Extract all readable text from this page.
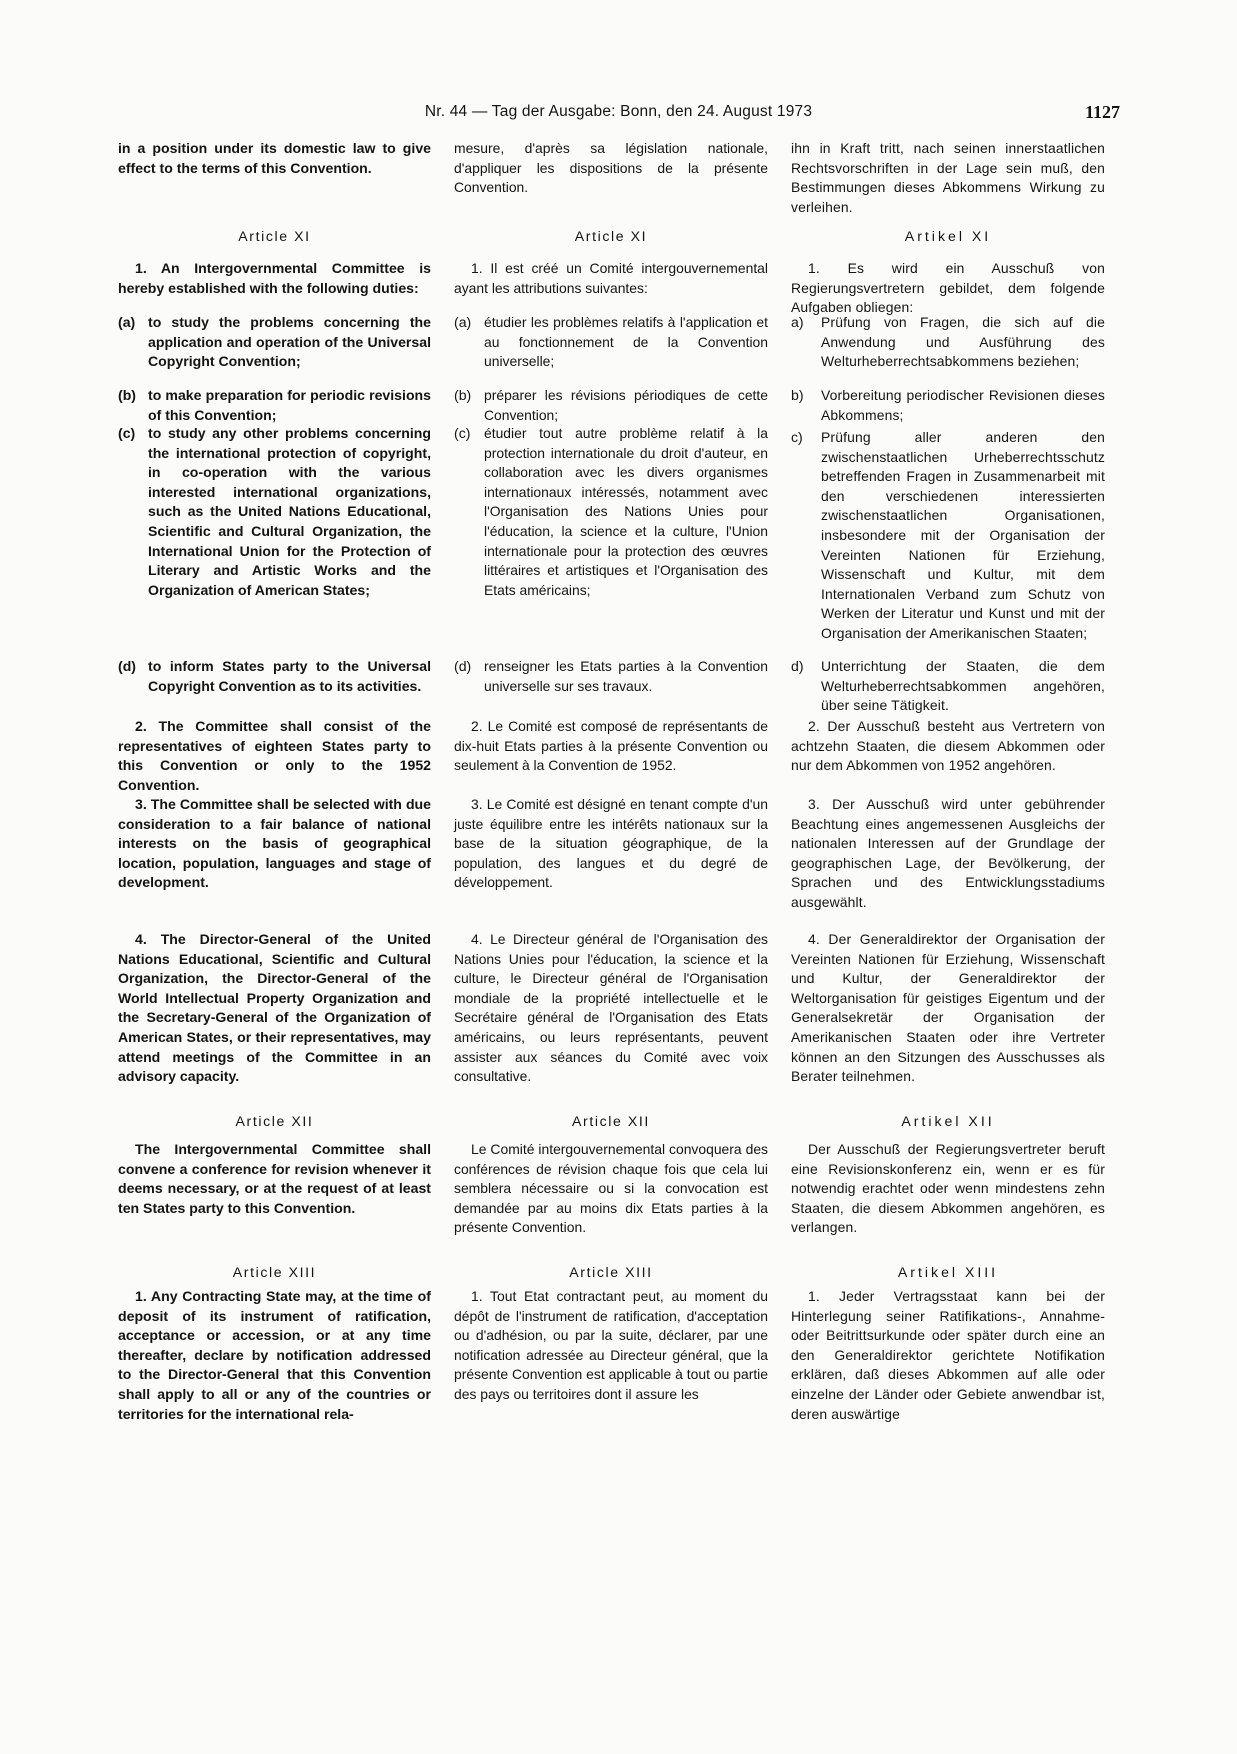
Nr. 44 — Tag der Ausgabe: Bonn, den 24. August 1973	1127
in a position under its domestic law to give effect to the terms of this Convention.
Article XI
1. An Intergovernmental Committee is hereby established with the following duties:
(a) to study the problems concerning the application and operation of the Universal Copyright Convention;
(b) to make preparation for periodic revisions of this Convention;
(c) to study any other problems concerning the international protection of copyright, in co-operation with the various interested international organizations, such as the United Nations Educational, Scientific and Cultural Organization, the International Union for the Protection of Literary and Artistic Works and the Organization of American States;
(d) to inform States party to the Universal Copyright Convention as to its activities.
2. The Committee shall consist of the representatives of eighteen States party to this Convention or only to the 1952 Convention.
3. The Committee shall be selected with due consideration to a fair balance of national interests on the basis of geographical location, population, languages and stage of development.
4. The Director-General of the United Nations Educational, Scientific and Cultural Organization, the Director-General of the World Intellectual Property Organization and the Secretary-General of the Organization of American States, or their representatives, may attend meetings of the Committee in an advisory capacity.
Article XII
The Intergovernmental Committee shall convene a conference for revision whenever it deems necessary, or at the request of at least ten States party to this Convention.
Article XIII
1. Any Contracting State may, at the time of deposit of its instrument of ratification, acceptance or accession, or at any time thereafter, declare by notification addressed to the Director-General that this Convention shall apply to all or any of the countries or territories for the international rela-
mesure, d'après sa législation nationale, d'appliquer les dispositions de la présente Convention.
Article XI
1. Il est créé un Comité intergouvernemental ayant les attributions suivantes:
(a) étudier les problèmes relatifs à l'application et au fonctionnement de la Convention universelle;
(b) préparer les révisions périodiques de cette Convention;
(c) étudier tout autre problème relatif à la protection internationale du droit d'auteur, en collaboration avec les divers organismes internationaux intéressés, notamment avec l'Organisation des Nations Unies pour l'éducation, la science et la culture, l'Union internationale pour la protection des œuvres littéraires et artistiques et l'Organisation des Etats américains;
(d) renseigner les Etats parties à la Convention universelle sur ses travaux.
2. Le Comité est composé de représentants de dix-huit Etats parties à la présente Convention ou seulement à la Convention de 1952.
3. Le Comité est désigné en tenant compte d'un juste équilibre entre les intérêts nationaux sur la base de la situation géographique, de la population, des langues et du degré de développement.
4. Le Directeur général de l'Organisation des Nations Unies pour l'éducation, la science et la culture, le Directeur général de l'Organisation mondiale de la propriété intellectuelle et le Secrétaire général de l'Organisation des Etats américains, ou leurs représentants, peuvent assister aux séances du Comité avec voix consultative.
Article XII
Le Comité intergouvernemental convoquera des conférences de révision chaque fois que cela lui semblera nécessaire ou si la convocation est demandée par au moins dix Etats parties à la présente Convention.
Article XIII
1. Tout Etat contractant peut, au moment du dépôt de l'instrument de ratification, d'acceptation ou d'adhésion, ou par la suite, déclarer, par une notification adressée au Directeur général, que la présente Convention est applicable à tout ou partie des pays ou territoires dont il assure les
ihn in Kraft tritt, nach seinen innerstaatlichen Rechtsvorschriften in der Lage sein muß, den Bestimmungen dieses Abkommens Wirkung zu verleihen.
Artikel XI
1. Es wird ein Ausschuß von Regierungsvertretern gebildet, dem folgende Aufgaben obliegen:
a)	Prüfung von Fragen, die sich auf die Anwendung und Ausführung des Welturheberrechtsabkommens beziehen;
b)	Vorbereitung periodischer Revisionen dieses Abkommens;
c)	Prüfung aller anderen den zwischenstaatlichen Urheberrechtsschutz betreffenden Fragen in Zusammenarbeit mit den verschiedenen interessierten zwischenstaatlichen Organisationen, insbesondere mit der Organisation der Vereinten Nationen für Erziehung, Wissenschaft und Kultur, mit dem Internationalen Verband zum Schutz von Werken der Literatur und Kunst und mit der Organisation der Amerikanischen Staaten;
d)	Unterrichtung der Staaten, die dem Welturheberrechtsabkommen angehören, über seine Tätigkeit.
2. Der Ausschuß besteht aus Vertretern von achtzehn Staaten, die diesem Abkommen oder nur dem Abkommen von 1952 angehören.
3. Der Ausschuß wird unter gebührender Beachtung eines angemessenen Ausgleichs der nationalen Interessen auf der Grundlage der geographischen Lage, der Bevölkerung, der Sprachen und des Entwicklungsstadiums ausgewählt.
4. Der Generaldirektor der Organisation der Vereinten Nationen für Erziehung, Wissenschaft und Kultur, der Generaldirektor der Weltorganisation für geistiges Eigentum und der Generalsekretär der Organisation der Amerikanischen Staaten oder ihre Vertreter können an den Sitzungen des Ausschusses als Berater teilnehmen.
Artikel XII
Der Ausschuß der Regierungsvertreter beruft eine Revisionskonferenz ein, wenn er es für notwendig erachtet oder wenn mindestens zehn Staaten, die diesem Abkommen angehören, es verlangen.
Artikel XIII
1. Jeder Vertragsstaat kann bei der Hinterlegung seiner Ratifikations-, Annahme- oder Beitrittsurkunde oder später durch eine an den Generaldirektor gerichtete Notifikation erklären, daß dieses Abkommen auf alle oder einzelne der Länder oder Gebiete anwendbar ist, deren auswärtige
